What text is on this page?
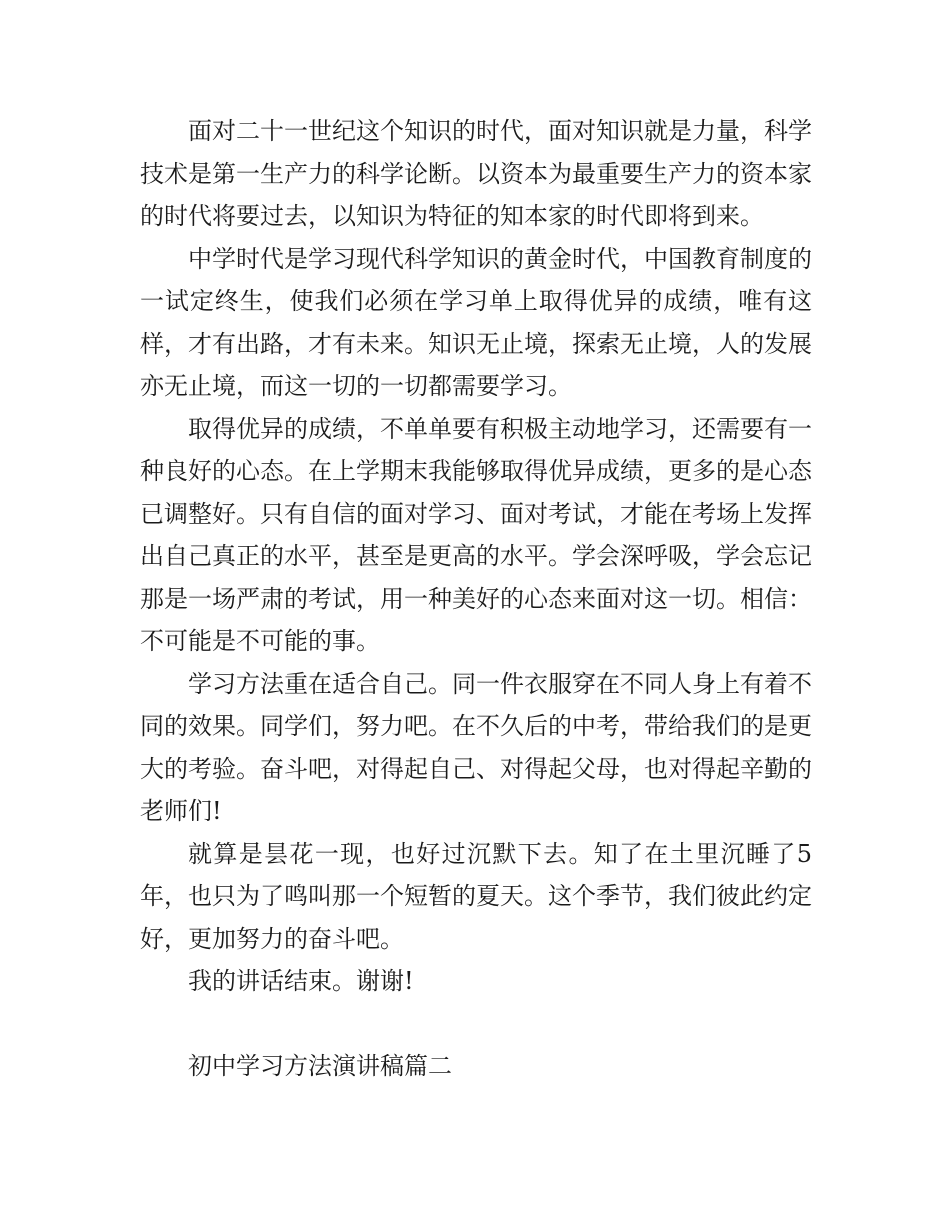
面对二十一世纪这个知识的时代，面对知识就是力量，科学技术是第一生产力的科学论断。以资本为最重要生产力的资本家的时代将要过去，以知识为特征的知本家的时代即将到来。

中学时代是学习现代科学知识的黄金时代，中国教育制度的一试定终生，使我们必须在学习单上取得优异的成绩，唯有这样，才有出路，才有未来。知识无止境，探索无止境，人的发展亦无止境，而这一切的一切都需要学习。

取得优异的成绩，不单单要有积极主动地学习，还需要有一种良好的心态。在上学期末我能够取得优异成绩，更多的是心态已调整好。只有自信的面对学习、面对考试，才能在考场上发挥出自己真正的水平，甚至是更高的水平。学会深呼吸，学会忘记那是一场严肃的考试，用一种美好的心态来面对这一切。相信：不可能是不可能的事。

学习方法重在适合自己。同一件衣服穿在不同人身上有着不同的效果。同学们，努力吧。在不久后的中考，带给我们的是更大的考验。奋斗吧，对得起自己、对得起父母，也对得起辛勤的老师们!

就算是昙花一现，也好过沉默下去。知了在土里沉睡了5年，也只为了鸣叫那一个短暂的夏天。这个季节，我们彼此约定好，更加努力的奋斗吧。

我的讲话结束。谢谢!

初中学习方法演讲稿篇二
